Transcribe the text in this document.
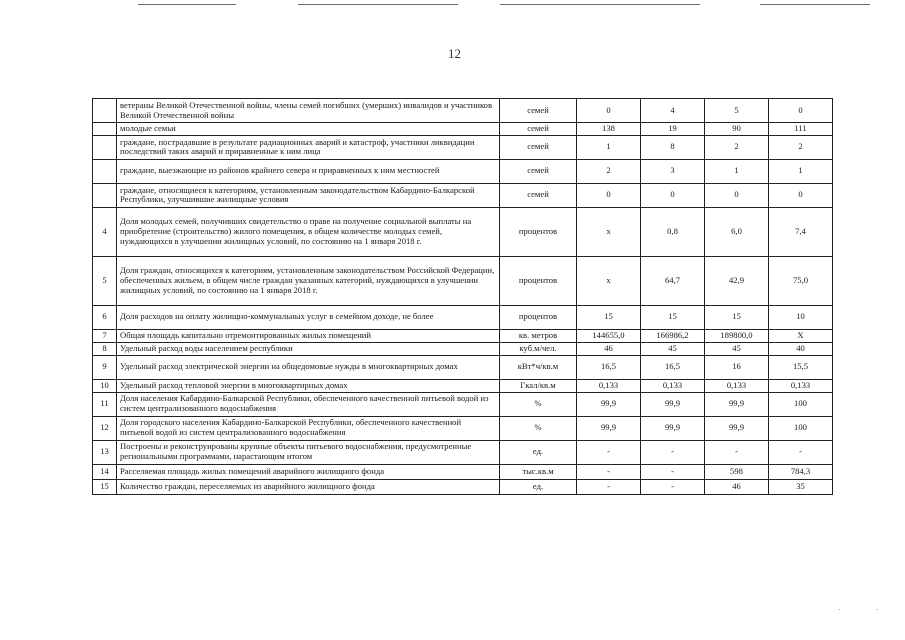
12
	ветераны Великой Отечественной войны, члены семей погибших (умерших) инвалидов и участников Великой Отечественной войны	семей	0	4	5	0
	молодые семьи	семей	138	19	90	111
	граждане, пострадавшие в результате радиационных аварий и катастроф, участники ликвидации последствий таких аварий и приравненные к ним лица	семей	1	8	2	2
	граждане, выезжающие из районов крайнего севера и приравненных к ним местностей	семей	2	3	1	1
	граждане, относящиеся к категориям, установленным законодательством Кабардино-Балкарской Республики, улучшившие жилищные условия	семей	0	0	0	0
4	Доля молодых семей, получивших свидетельство о праве на получение социальной выплаты на приобретение (строительство) жилого помещения, в общем количестве молодых семей, нуждающихся в улучшении жилищных условий, по состоянию на 1 января 2018 г.	процентов	х	0,8	6,0	7,4
5	Доля граждан, относящихся к категориям, установленным законодательством Российской Федерации, обеспеченных жильем, в общем числе граждан указанных категорий, нуждающихся в улучшении жилищных условий, по состоянию на 1 января 2018 г.	процентов	х	64,7	42,9	75,0
6	Доля расходов на оплату жилищно-коммунальных услуг в семейном доходе, не более	процентов	15	15	15	10
7	Общая площадь капитально отремонтированных жилых помещений	кв. метров	144655,0	166986,2	189800,0	Х
8	Удельный расход воды населением республики	куб.м/чел.	46	45	45	40
9	Удельный расход электрической энергии на общедомовые нужды в многоквартирных домах	кВт*ч/кв.м	16,5	16,5	16	15,5
10	Удельный расход тепловой энергии в многоквартирных домах	Гкал/кв.м	0,133	0,133	0,133	0,133
11	Доля населения Кабардино-Балкарской Республики, обеспеченного качественной питьевой водой из систем централизованного водоснабжения	%	99,9	99,9	99,9	100
12	Доля городского населения Кабардино-Балкарской Республики, обеспеченного качественной питьевой водой из систем централизованного водоснабжения	%	99,9	99,9	99,9	100
13	Построены и реконструированы крупные объекты питьевого водоснабжения, предусмотренные региональными программами, нарастающим итогом	ед.	-	-	-	-
14	Расселяемая площадь жилых помещений аварийного жилищного фонда	тыс.кв.м	-	-	598	784,3
15	Количество граждан, переселяемых из аварийного жилищного фонда	ед.	-	-	46	35
·	·
